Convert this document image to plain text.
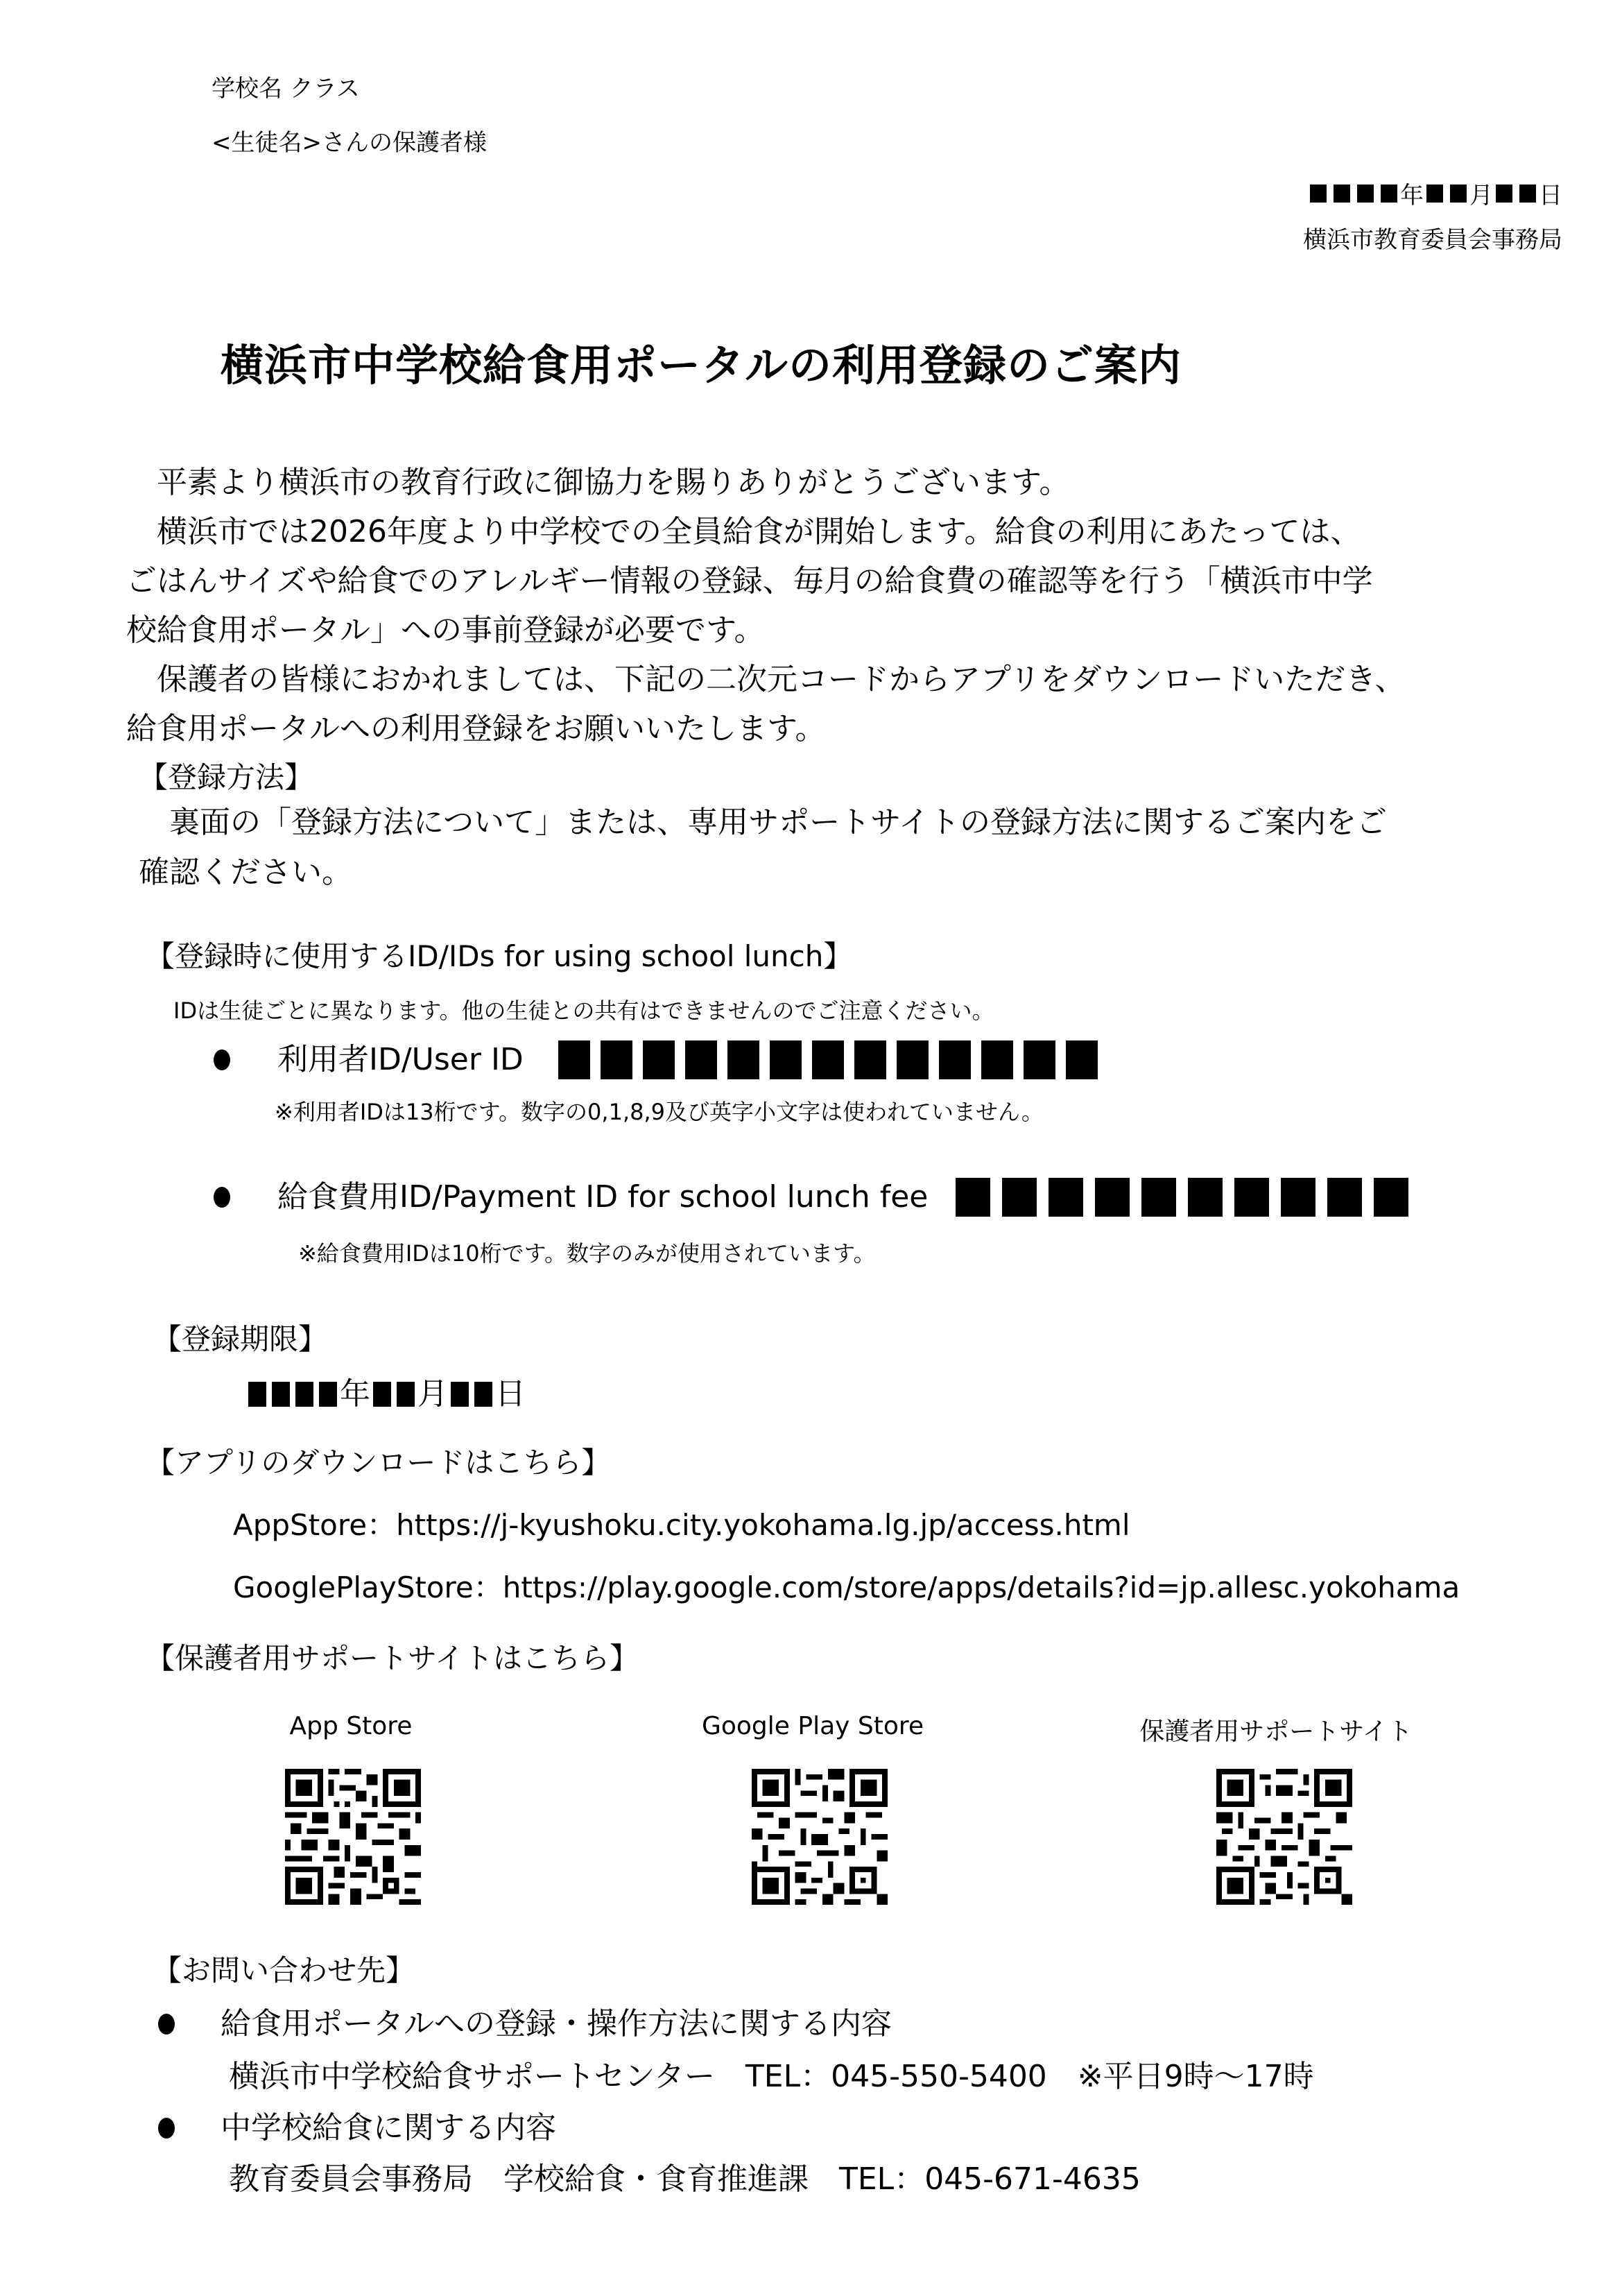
学校名 クラス
<生徒名>さんの保護者様
年 月 日
横浜市教育委員会事務局
横浜市中学校給食用ポータルの利用登録のご案内

　平素より横浜市の教育行政に御協力を賜りありがとうございます。

　横浜市では2026年度より中学校での全員給食が開始します。給食の利用にあたっては、

ごはんサイズや給食でのアレルギー情報の登録、毎月の給食費の確認等を行う「横浜市中学

校給食用ポータル」への事前登録が必要です。

　保護者の皆様におかれましては、下記の二次元コードからアプリをダウンロードいただき、

給食用ポータルへの利用登録をお願いいたします。

【登録方法】

　裏面の「登録方法について」または、専用サポートサイトの登録方法に関するご案内をご

確認ください。

【登録時に使用するID/IDs for using school lunch】
IDは生徒ごとに異なります。他の生徒との共有はできませんのでご注意ください。
利用者ID/User ID
※利用者IDは13桁です。数字の0,1,8,9及び英字小文字は使われていません。
給食費用ID/Payment ID for school lunch fee
※給食費用IDは10桁です。数字のみが使用されています。
【登録期限】
年 月 日
【アプリのダウンロードはこちら】
AppStore：https://j-kyushoku.city.yokohama.lg.jp/access.html
GooglePlayStore：https://play.google.com/store/apps/details?id=jp.allesc.yokohama
【保護者用サポートサイトはこちら】
App Store	Google Play Store	保護者用サポートサイト
【お問い合わせ先】
給食用ポータルへの登録・操作方法に関する内容
横浜市中学校給食サポートセンター　TEL：045-550-5400　※平日9時～17時
中学校給食に関する内容
教育委員会事務局　学校給食・食育推進課　TEL：045-671-4635
